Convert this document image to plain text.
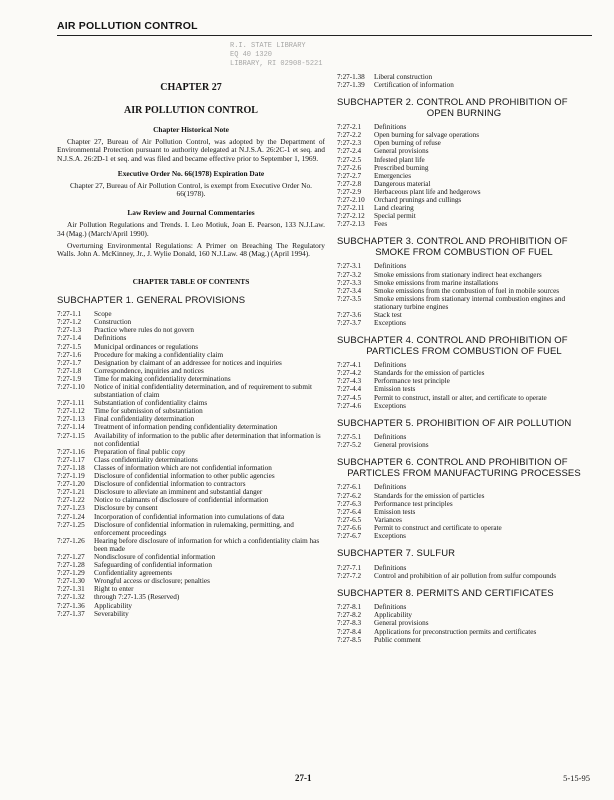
AIR POLLUTION CONTROL
R.I. STATE LIBRARY
EQ 40 1320
LIBRARY, RI 02908-5221
CHAPTER 27
AIR POLLUTION CONTROL
Chapter Historical Note

Chapter 27, Bureau of Air Pollution Control, was adopted by the Department of Environmental Protection pursuant to authority delegated at N.J.S.A. 26:2C-1 et seq. and N.J.S.A. 26:2D-1 et seq. and was filed and became effective prior to September 1, 1969.

Executive Order No. 66(1978) Expiration Date

Chapter 27, Bureau of Air Pollution Control, is exempt from Executive Order No. 66(1978).

Law Review and Journal Commentaries

Air Pollution Regulations and Trends. I. Leo Motiuk, Joan E. Pearson, 133 N.J.Law. 34 (Mag.) (March/April 1990).

Overturning Environmental Regulations: A Primer on Breaching The Regulatory Walls. John A. McKinney, Jr., J. Wylie Donald, 160 N.J.Law. 48 (Mag.) (April 1994).

CHAPTER TABLE OF CONTENTS
SUBCHAPTER 1. GENERAL PROVISIONS
7:27-1.1	Scope
7:27-1.2	Construction
7:27-1.3	Practice where rules do not govern
7:27-1.4	Definitions
7:27-1.5	Municipal ordinances or regulations
7:27-1.6	Procedure for making a confidentiality claim
7:27-1.7	Designation by claimant of an addressee for notices and inquiries
7:27-1.8	Correspondence, inquiries and notices
7:27-1.9	Time for making confidentiality determinations
7:27-1.10	Notice of initial confidentiality determination, and of requirement to submit substantiation of claim
7:27-1.11	Substantiation of confidentiality claims
7:27-1.12	Time for submission of substantiation
7:27-1.13	Final confidentiality determination
7:27-1.14	Treatment of information pending confidentiality determination
7:27-1.15	Availability of information to the public after determination that information is not confidential
7:27-1.16	Preparation of final public copy
7:27-1.17	Class confidentiality determinations
7:27-1.18	Classes of information which are not confidential information
7:27-1.19	Disclosure of confidential information to other public agencies
7:27-1.20	Disclosure of confidential information to contractors
7:27-1.21	Disclosure to alleviate an imminent and substantial danger
7:27-1.22	Notice to claimants of disclosure of confidential information
7:27-1.23	Disclosure by consent
7:27-1.24	Incorporation of confidential information into cumulations of data
7:27-1.25	Disclosure of confidential information in rulemaking, permitting, and enforcement proceedings
7:27-1.26	Hearing before disclosure of information for which a confidentiality claim has been made
7:27-1.27	Nondisclosure of confidential information
7:27-1.28	Safeguarding of confidential information
7:27-1.29	Confidentiality agreements
7:27-1.30	Wrongful access or disclosure; penalties
7:27-1.31	Right to enter
7:27-1.32	through 7:27-1.35 (Reserved)
7:27-1.36	Applicability
7:27-1.37	Severability
7:27-1.38	Liberal construction
7:27-1.39	Certification of information
SUBCHAPTER 2. CONTROL AND PROHIBITION OF
OPEN BURNING
7:27-2.1	Definitions
7:27-2.2	Open burning for salvage operations
7:27-2.3	Open burning of refuse
7:27-2.4	General provisions
7:27-2.5	Infested plant life
7:27-2.6	Prescribed burning
7:27-2.7	Emergencies
7:27-2.8	Dangerous material
7:27-2.9	Herbaceous plant life and hedgerows
7:27-2.10	Orchard prunings and cullings
7:27-2.11	Land clearing
7:27-2.12	Special permit
7:27-2.13	Fees
SUBCHAPTER 3. CONTROL AND PROHIBITION OF
SMOKE FROM COMBUSTION OF FUEL
7:27-3.1	Definitions
7:27-3.2	Smoke emissions from stationary indirect heat exchangers
7:27-3.3	Smoke emissions from marine installations
7:27-3.4	Smoke emissions from the combustion of fuel in mobile sources
7:27-3.5	Smoke emissions from stationary internal combustion engines and stationary turbine engines
7:27-3.6	Stack test
7:27-3.7	Exceptions
SUBCHAPTER 4. CONTROL AND PROHIBITION OF
PARTICLES FROM COMBUSTION OF FUEL
7:27-4.1	Definitions
7:27-4.2	Standards for the emission of particles
7:27-4.3	Performance test principle
7:27-4.4	Emission tests
7:27-4.5	Permit to construct, install or alter, and certificate to operate
7:27-4.6	Exceptions
SUBCHAPTER 5. PROHIBITION OF AIR POLLUTION
7:27-5.1	Definitions
7:27-5.2	General provisions
SUBCHAPTER 6. CONTROL AND PROHIBITION OF
PARTICLES FROM MANUFACTURING PROCESSES
7:27-6.1	Definitions
7:27-6.2	Standards for the emission of particles
7:27-6.3	Performance test principles
7:27-6.4	Emission tests
7:27-6.5	Variances
7:27-6.6	Permit to construct and certificate to operate
7:27-6.7	Exceptions
SUBCHAPTER 7. SULFUR
7:27-7.1	Definitions
7:27-7.2	Control and prohibition of air pollution from sulfur compounds
SUBCHAPTER 8. PERMITS AND CERTIFICATES
7:27-8.1	Definitions
7:27-8.2	Applicability
7:27-8.3	General provisions
7:27-8.4	Applications for preconstruction permits and certificates
7:27-8.5	Public comment
27-1	5-15-95
